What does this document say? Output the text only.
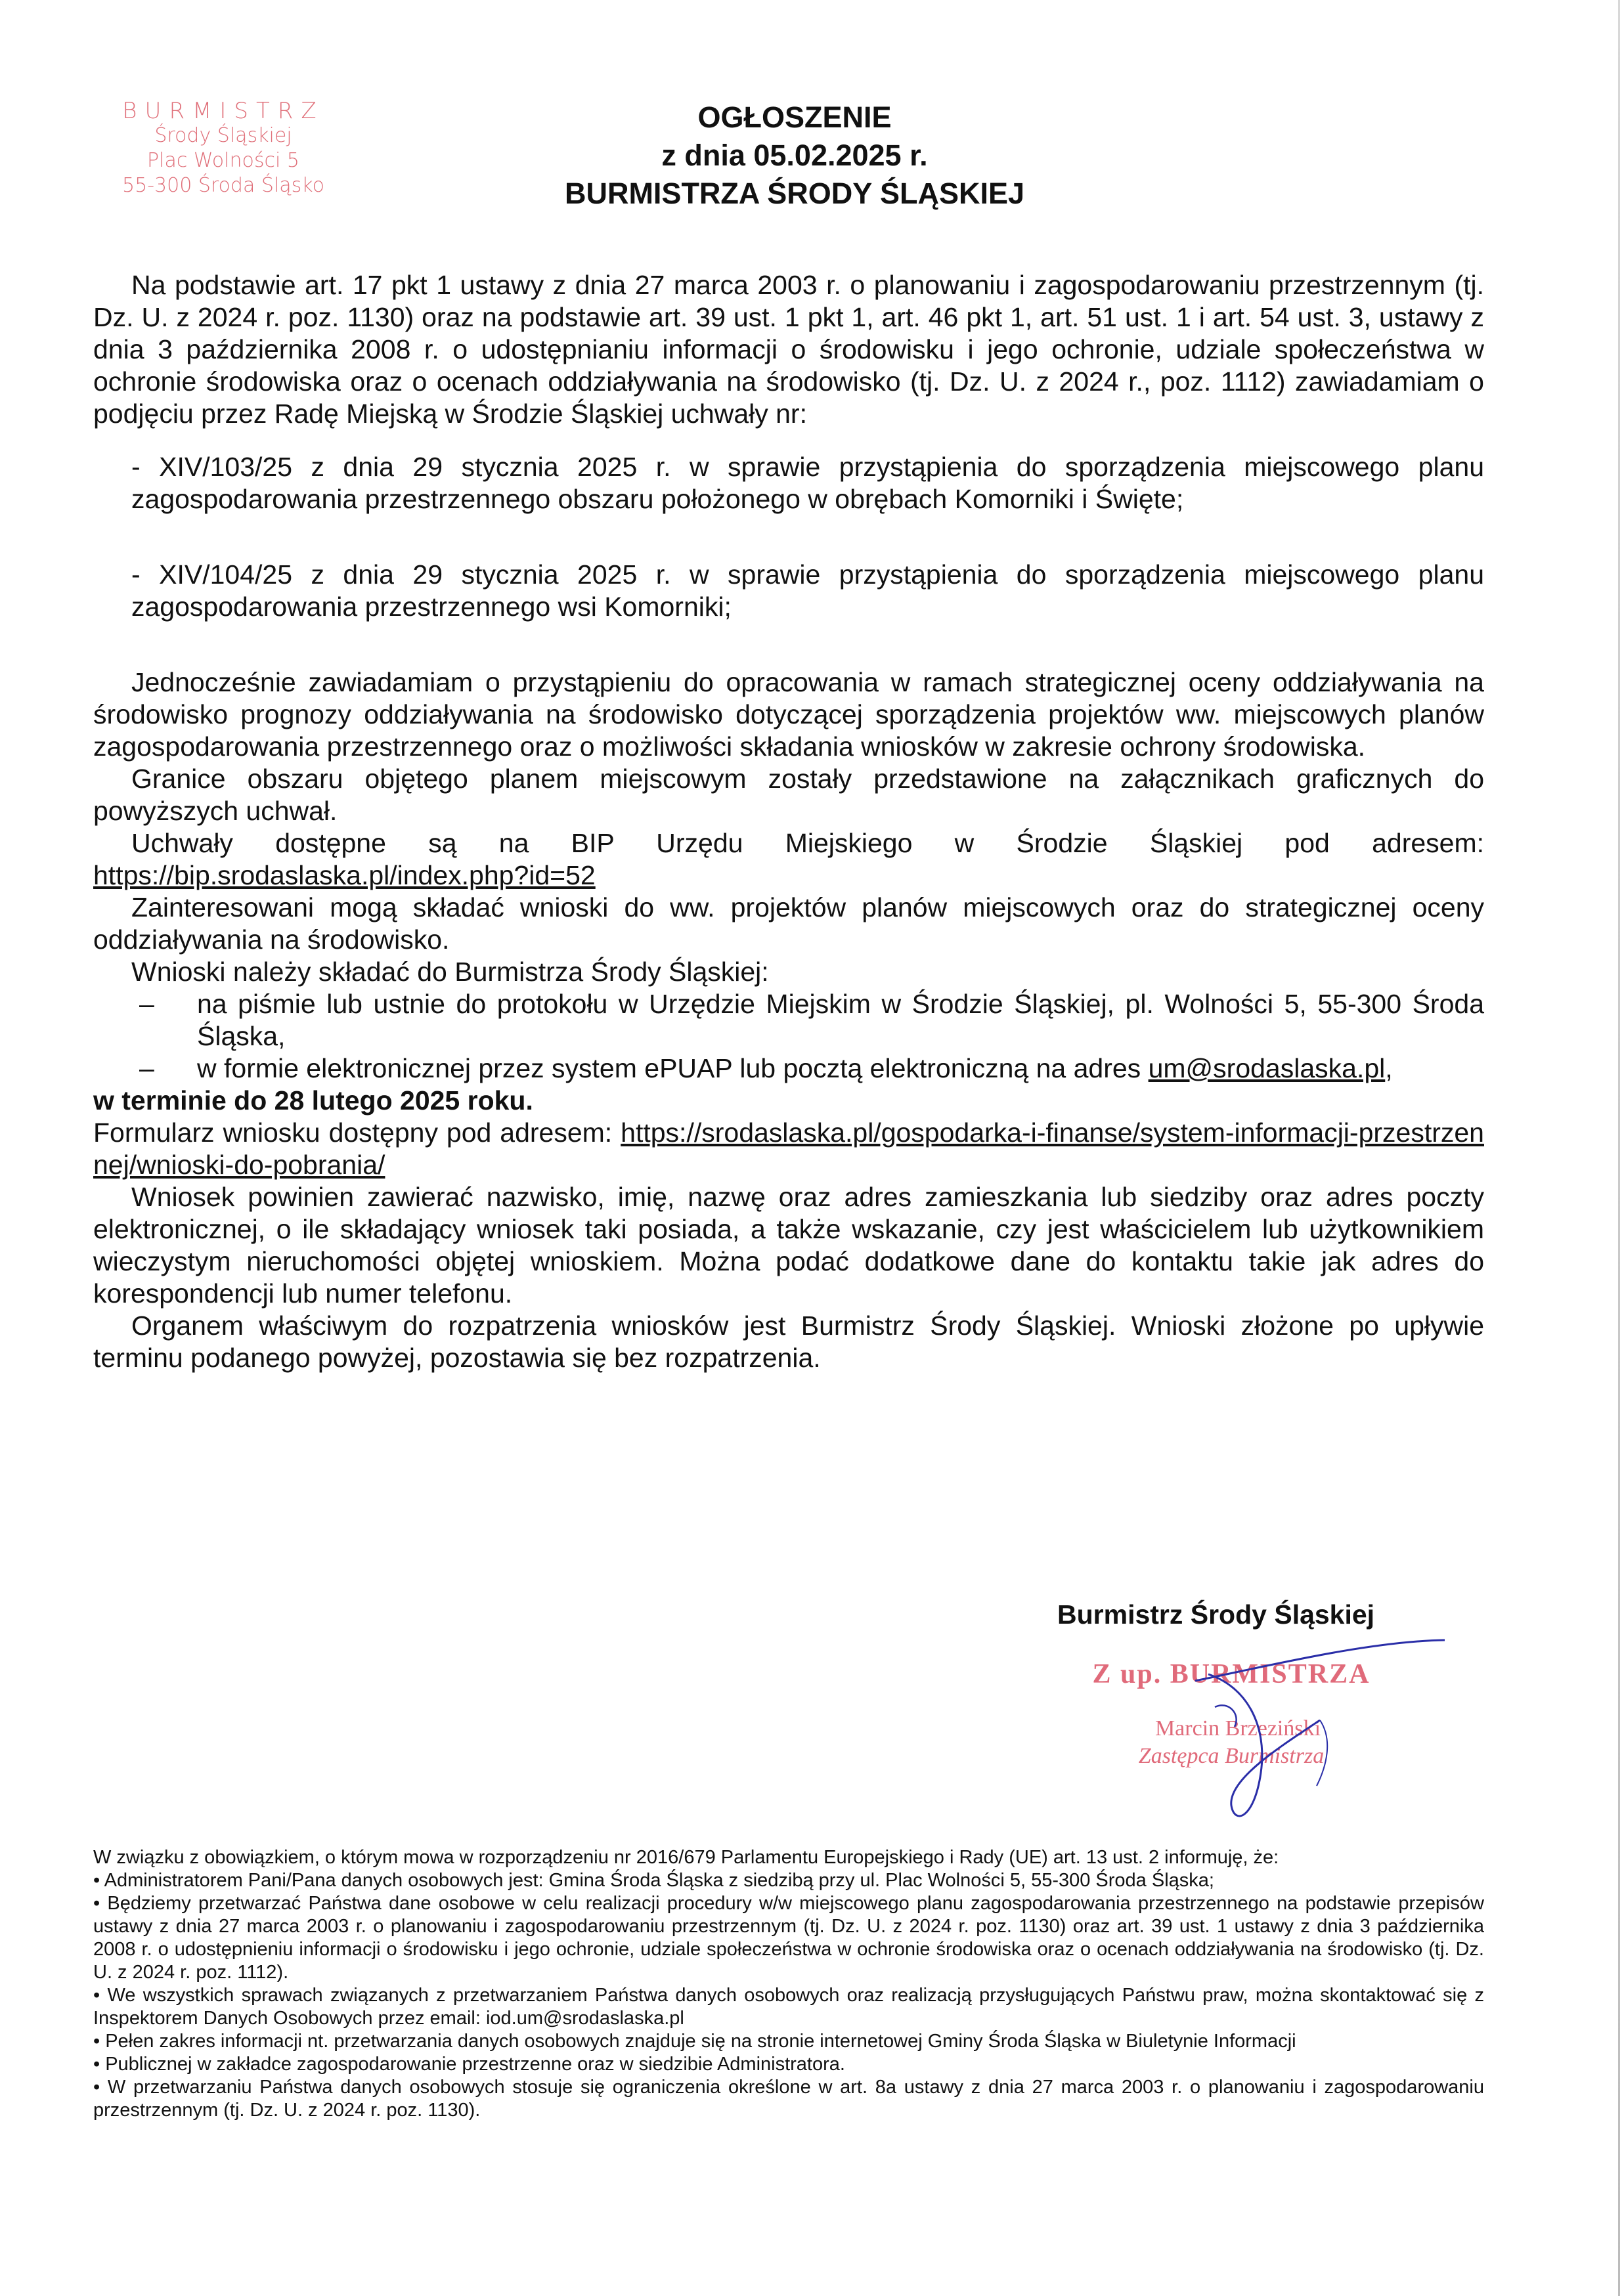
BURMISTRZ
Środy Śląskiej
Plac Wolności 5
55-300 Środa Śląsko
OGŁOSZENIE
z dnia 05.02.2025 r.
BURMISTRZA ŚRODY ŚLĄSKIEJ

Na podstawie art. 17 pkt 1 ustawy z dnia 27 marca 2003 r. o planowaniu i zagospodarowaniu przestrzennym (tj. Dz. U. z 2024 r. poz. 1130) oraz na podstawie art. 39 ust. 1 pkt 1, art. 46 pkt 1, art. 51 ust. 1 i art. 54 ust. 3, ustawy z dnia 3 października 2008 r. o udostępnianiu informacji o środowisku i jego ochronie, udziale społeczeństwa w ochronie środowiska oraz o ocenach oddziaływania na środowisko (tj. Dz. U. z 2024 r., poz. 1112) zawiadamiam o podjęciu przez Radę Miejską w Środzie Śląskiej uchwały nr:

- XIV/103/25 z dnia 29 stycznia 2025 r. w sprawie przystąpienia do sporządzenia miejscowego planu zagospodarowania przestrzennego obszaru położonego w obrębach Komorniki i Święte;

- XIV/104/25 z dnia 29 stycznia 2025 r. w sprawie przystąpienia do sporządzenia miejscowego planu zagospodarowania przestrzennego wsi Komorniki;

Jednocześnie zawiadamiam o przystąpieniu do opracowania w ramach strategicznej oceny oddziaływania na środowisko prognozy oddziaływania na środowisko dotyczącej sporządzenia projektów ww. miejscowych planów zagospodarowania przestrzennego oraz o możliwości składania wniosków w zakresie ochrony środowiska.

Granice obszaru objętego planem miejscowym zostały przedstawione na załącznikach graficznych do powyższych uchwał.

Uchwały dostępne są na BIP Urzędu Miejskiego w Środzie Śląskiej pod adresem:

https://bip.srodaslaska.pl/index.php?id=52

Zainteresowani mogą składać wnioski do ww. projektów planów miejscowych oraz do strategicznej oceny oddziaływania na środowisko.

Wnioski należy składać do Burmistrza Środy Śląskiej:

–	na piśmie lub ustnie do protokołu w Urzędzie Miejskim w Środzie Śląskiej, pl. Wolności 5, 55-300 Środa Śląska,
–	w formie elektronicznej przez system ePUAP lub pocztą elektroniczną na adres um@srodaslaska.pl,

w terminie do 28 lutego 2025 roku.

Formularz wniosku dostępny pod adresem: https://srodaslaska.pl/gospodarka-i-finanse/system-informacji-przestrzennej/wnioski-do-pobrania/

Wniosek powinien zawierać nazwisko, imię, nazwę oraz adres zamieszkania lub siedziby oraz adres poczty elektronicznej, o ile składający wniosek taki posiada, a także wskazanie, czy jest właścicielem lub użytkownikiem wieczystym nieruchomości objętej wnioskiem. Można podać dodatkowe dane do kontaktu takie jak adres do korespondencji lub numer telefonu.

Organem właściwym do rozpatrzenia wniosków jest Burmistrz Środy Śląskiej. Wnioski złożone po upływie terminu podanego powyżej, pozostawia się bez rozpatrzenia.

Burmistrz Środy Śląskiej
Z up. BURMISTRZA
Marcin Brzeziński
Zastępca Burmistrza

W związku z obowiązkiem, o którym mowa w rozporządzeniu nr 2016/679 Parlamentu Europejskiego i Rady (UE) art. 13 ust. 2 informuję, że:

• Administratorem Pani/Pana danych osobowych jest: Gmina Środa Śląska z siedzibą przy ul. Plac Wolności 5, 55-300 Środa Śląska;

• Będziemy przetwarzać Państwa dane osobowe w celu realizacji procedury w/w miejscowego planu zagospodarowania przestrzennego na podstawie przepisów ustawy z dnia 27 marca 2003 r. o planowaniu i zagospodarowaniu przestrzennym (tj. Dz. U. z 2024 r. poz. 1130) oraz art. 39 ust. 1 ustawy z dnia 3 października 2008 r. o udostępnieniu informacji o środowisku i jego ochronie, udziale społeczeństwa w ochronie środowiska oraz o ocenach oddziaływania na środowisko (tj. Dz. U. z 2024 r. poz. 1112).

• We wszystkich sprawach związanych z przetwarzaniem Państwa danych osobowych oraz realizacją przysługujących Państwu praw, można skontaktować się z Inspektorem Danych Osobowych przez email: iod.um@srodaslaska.pl

• Pełen zakres informacji nt. przetwarzania danych osobowych znajduje się na stronie internetowej Gminy Środa Śląska w Biuletynie Informacji

• Publicznej w zakładce zagospodarowanie przestrzenne oraz w siedzibie Administratora.

• W przetwarzaniu Państwa danych osobowych stosuje się ograniczenia określone w art. 8a ustawy z dnia 27 marca 2003 r. o planowaniu i zagospodarowaniu przestrzennym (tj. Dz. U. z 2024 r. poz. 1130).
